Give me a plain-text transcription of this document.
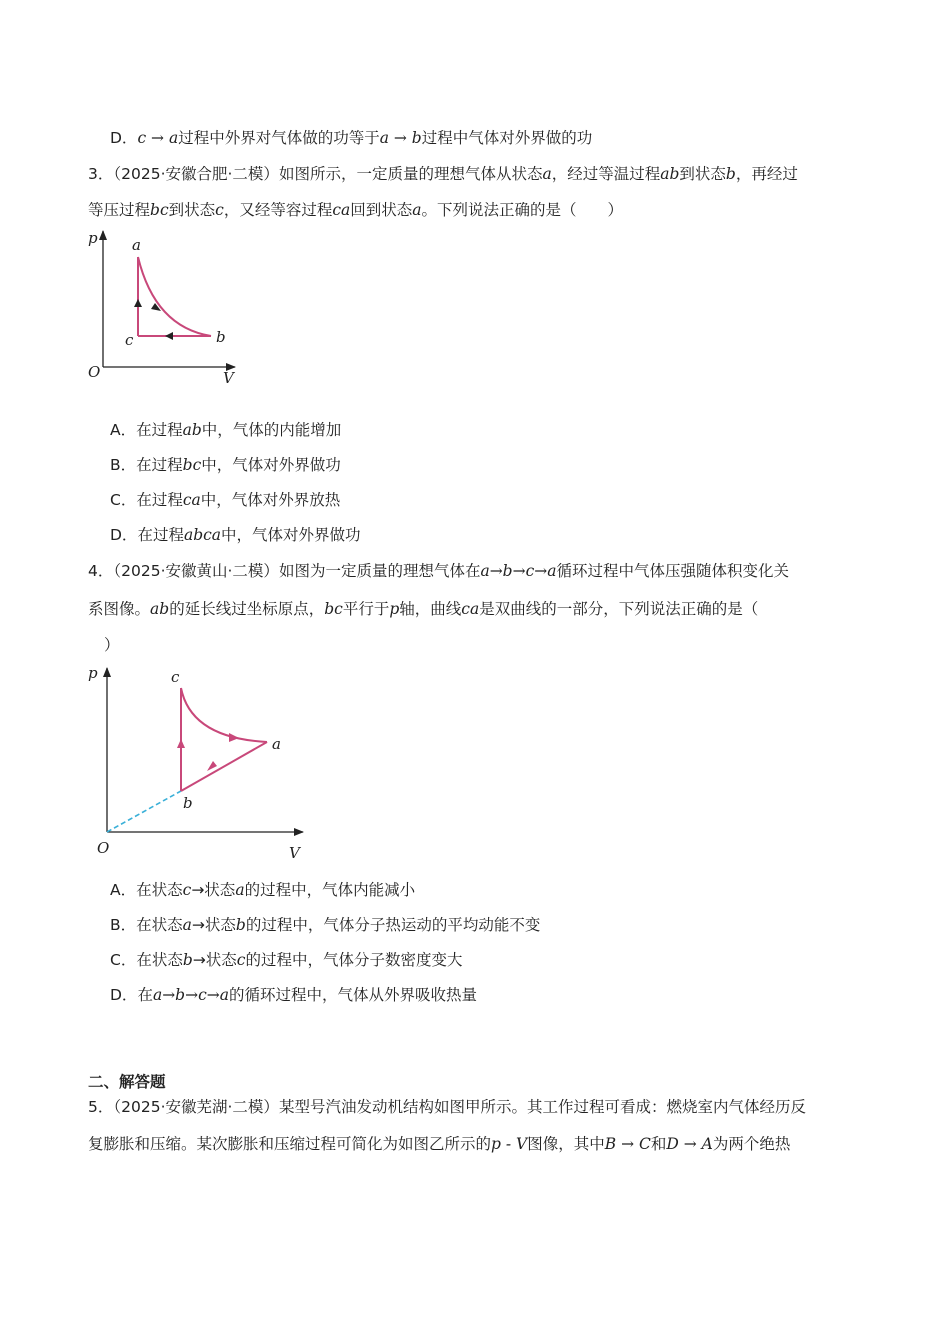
D．c → a过程中外界对气体做的功等于a → b过程中气体对外界做的功
3．（2025·安徽合肥·二模）如图所示，一定质量的理想气体从状态a，经过等温过程ab到状态b，再经过
等压过程bc到状态c，又经等容过程ca回到状态a。下列说法正确的是（　　）
p
V
O
a
b
c
A．在过程ab中，气体的内能增加
B．在过程bc中，气体对外界做功
C．在过程ca中，气体对外界放热
D．在过程abca中，气体对外界做功
4．（2025·安徽黄山·二模）如图为一定质量的理想气体在a→b→c→a循环过程中气体压强随体积变化关
系图像。ab的延长线过坐标原点，bc平行于p轴，曲线ca是双曲线的一部分，下列说法正确的是（
）
p
V
O
c
a
b
A．在状态c→状态a的过程中，气体内能减小
B．在状态a→状态b的过程中，气体分子热运动的平均动能不变
C．在状态b→状态c的过程中，气体分子数密度变大
D．在a→b→c→a的循环过程中，气体从外界吸收热量
二、解答题
5．（2025·安徽芜湖·二模）某型号汽油发动机结构如图甲所示。其工作过程可看成：燃烧室内气体经历反
复膨胀和压缩。某次膨胀和压缩过程可简化为如图乙所示的p - V图像，其中B → C和D → A为两个绝热
